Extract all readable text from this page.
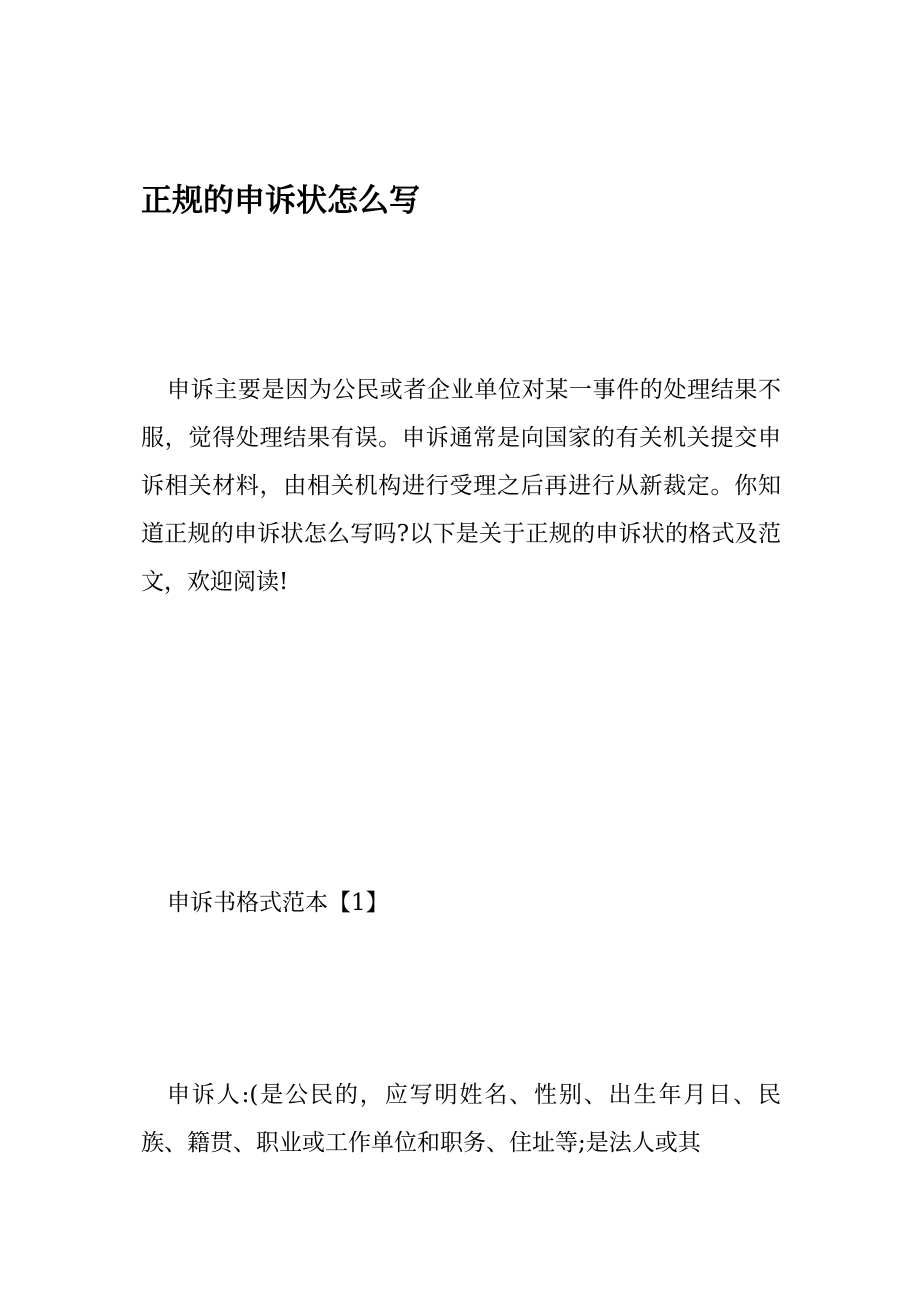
正规的申诉状怎么写

申诉主要是因为公民或者企业单位对某一事件的处理结果不服，觉得处理结果有误。申诉通常是向国家的有关机关提交申诉相关材料，由相关机构进行受理之后再进行从新裁定。你知道正规的申诉状怎么写吗?以下是关于正规的申诉状的格式及范文，欢迎阅读!

申诉书格式范本【1】

申诉人:(是公民的，应写明姓名、性别、出生年月日、民族、籍贯、职业或工作单位和职务、住址等;是法人或其
